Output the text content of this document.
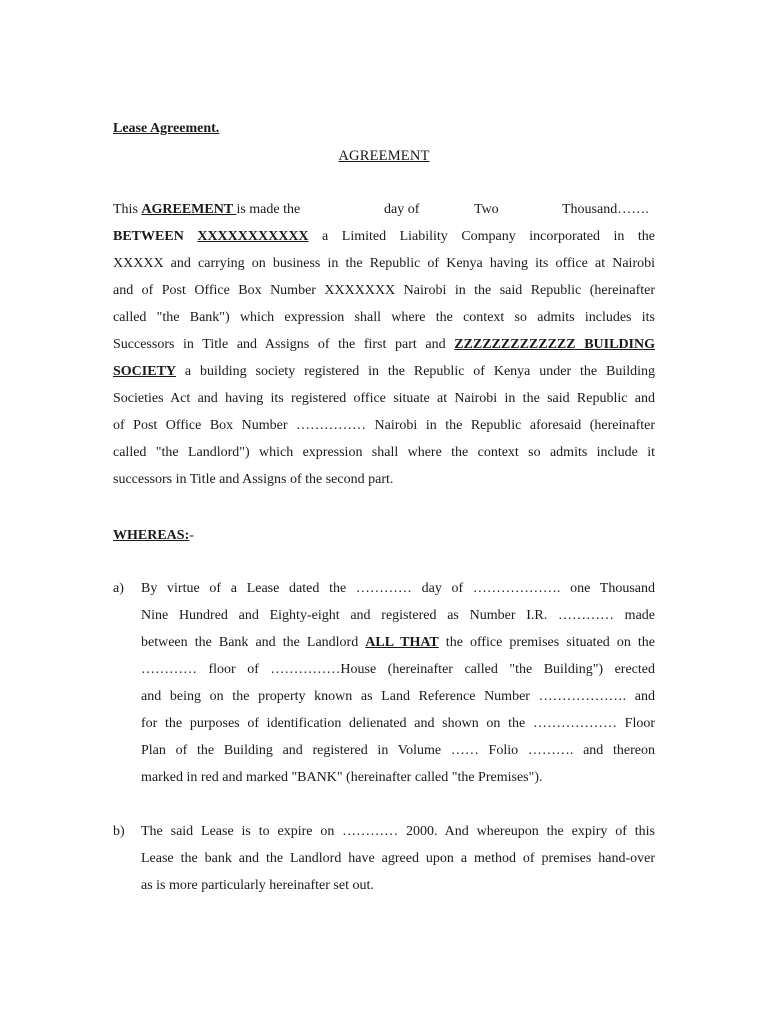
Lease Agreement.
AGREEMENT
This AGREEMENT is made the	day of	Two	Thousand…….
BETWEEN XXXXXXXXXXX a Limited Liability Company incorporated in the
XXXXX and carrying on business in the Republic of Kenya having its office at Nairobi
and of Post Office Box Number XXXXXXX Nairobi in the said Republic (hereinafter
called "the Bank") which expression shall where the context so admits includes its
Successors in Title and Assigns of the first part and ZZZZZZZZZZZZZ BUILDING
SOCIETY a building society registered in the Republic of Kenya under the Building
Societies Act and having its registered office situate at Nairobi in the said Republic and
of Post Office Box Number …………… Nairobi in the Republic aforesaid (hereinafter
called "the Landlord") which expression shall where the context so admits include it
successors in Title and Assigns of the second part.
WHEREAS:-
a) By virtue of a Lease dated the ………… day of ………………. one Thousand
Nine Hundred and Eighty-eight and registered as Number I.R. ………… made
between the Bank and the Landlord ALL THAT the office premises situated on the
………… floor of ……………House (hereinafter called "the Building") erected
and being on the property known as Land Reference Number ………………. and
for the purposes of identification delienated and shown on the ……………… Floor
Plan of the Building and registered in Volume …… Folio ………. and thereon
marked in red and marked "BANK" (hereinafter called "the Premises").
b) The said Lease is to expire on ………… 2000. And whereupon the expiry of this
Lease the bank and the Landlord have agreed upon a method of premises hand-over
as is more particularly hereinafter set out.
